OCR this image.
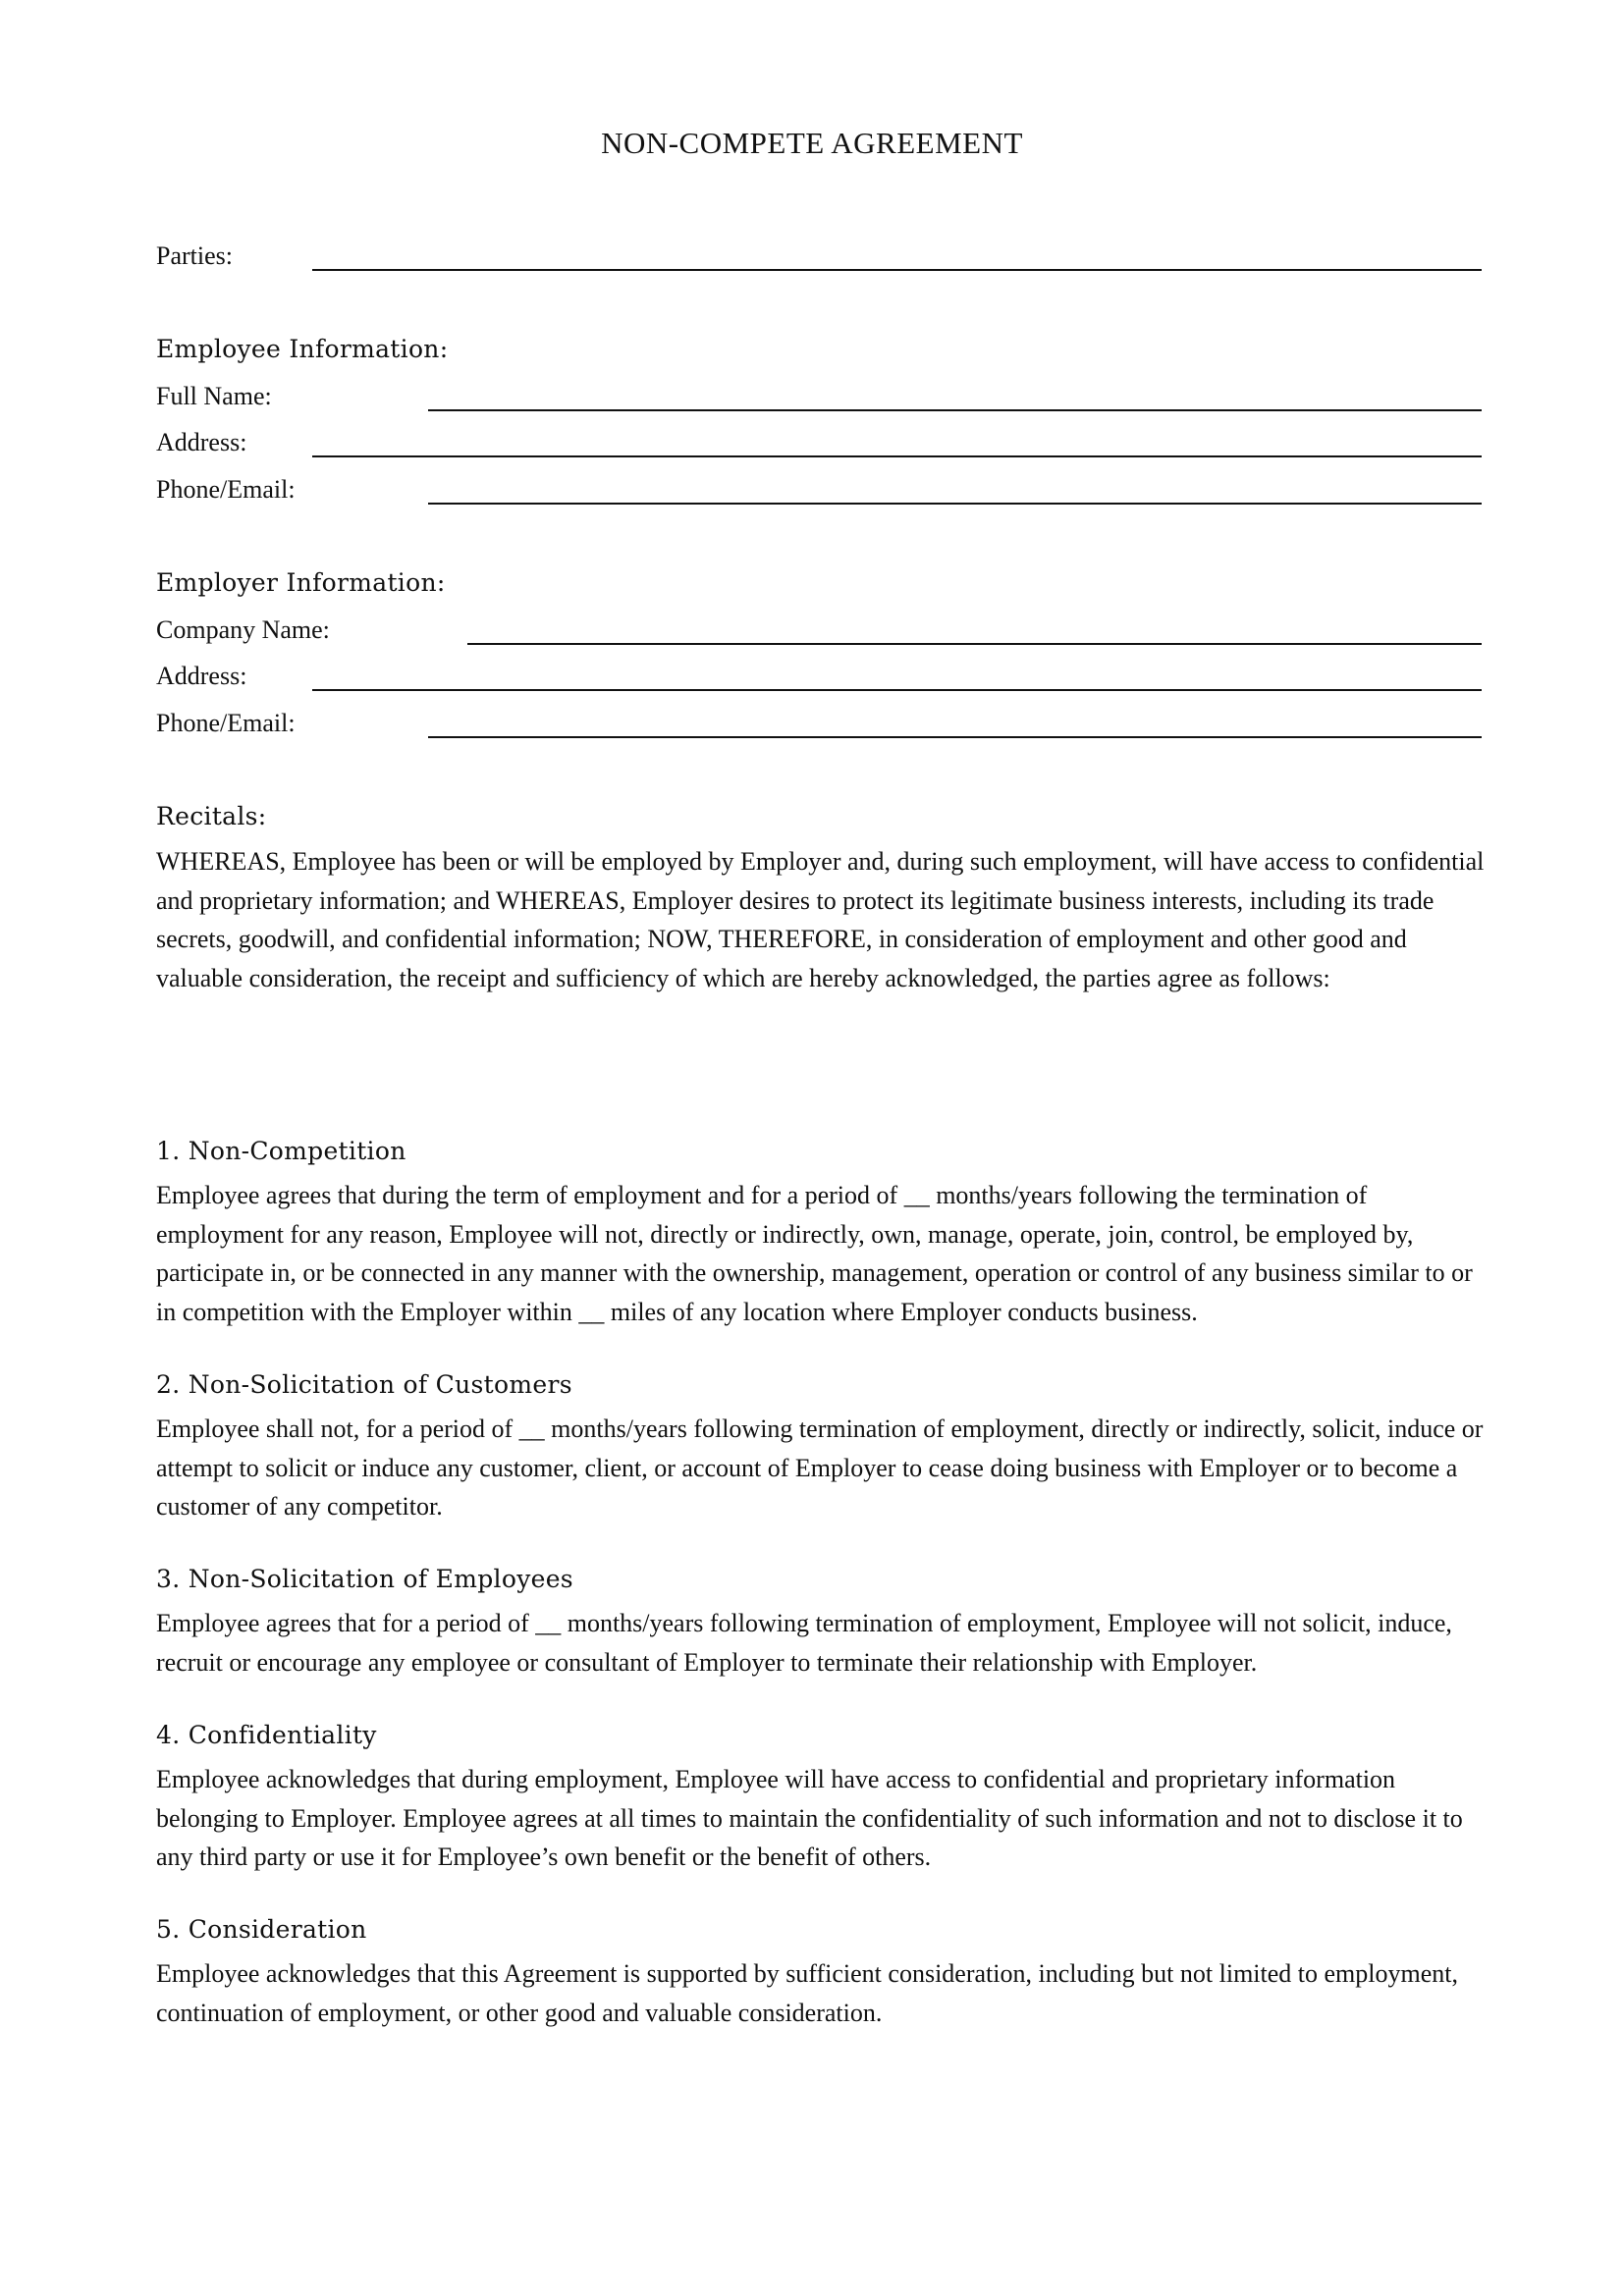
NON-COMPETE AGREEMENT
Parties:
Employee Information:
Full Name:
Address:
Phone/Email:
Employer Information:
Company Name:
Address:
Phone/Email:
Recitals:
WHEREAS, Employee has been or will be employed by Employer and, during such employment, will have access to confidential and proprietary information; and WHEREAS, Employer desires to protect its legitimate business interests, including its trade secrets, goodwill, and confidential information; NOW, THEREFORE, in consideration of employment and other good and valuable consideration, the receipt and sufficiency of which are hereby acknowledged, the parties agree as follows:
1. Non-Competition
Employee agrees that during the term of employment and for a period of __ months/years following the termination of employment for any reason, Employee will not, directly or indirectly, own, manage, operate, join, control, be employed by, participate in, or be connected in any manner with the ownership, management, operation or control of any business similar to or in competition with the Employer within __ miles of any location where Employer conducts business.
2. Non-Solicitation of Customers
Employee shall not, for a period of __ months/years following termination of employment, directly or indirectly, solicit, induce or attempt to solicit or induce any customer, client, or account of Employer to cease doing business with Employer or to become a customer of any competitor.
3. Non-Solicitation of Employees
Employee agrees that for a period of __ months/years following termination of employment, Employee will not solicit, induce, recruit or encourage any employee or consultant of Employer to terminate their relationship with Employer.
4. Confidentiality
Employee acknowledges that during employment, Employee will have access to confidential and proprietary information belonging to Employer. Employee agrees at all times to maintain the confidentiality of such information and not to disclose it to any third party or use it for Employee’s own benefit or the benefit of others.
5. Consideration
Employee acknowledges that this Agreement is supported by sufficient consideration, including but not limited to employment, continuation of employment, or other good and valuable consideration.
